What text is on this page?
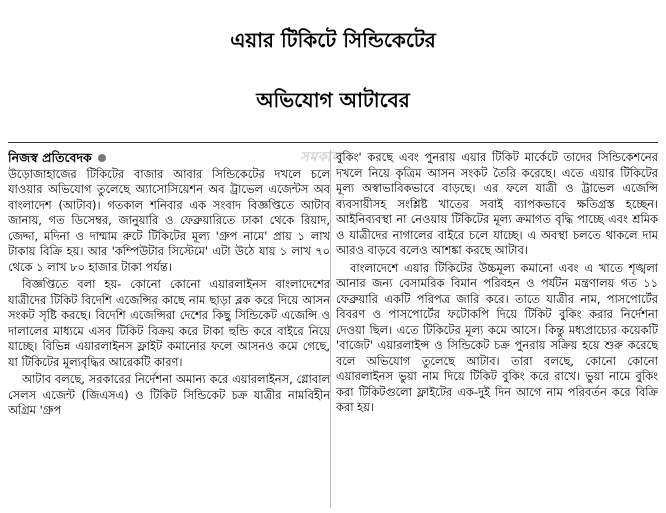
এয়ার টিকিটে সিন্ডিকেটের
অভিযোগ আটাবের
সমকাল
নিজস্ব প্রতিবেদক

উড়োজাহাজের টিকিটের বাজার আবার সিন্ডিকেটের দখলে চলে যাওয়ার অভিযোগ তুলেছে অ্যাসোসিয়েশন অব ট্রাভেল এজেন্টস অব বাংলাদেশ (আটাব)। গতকাল শনিবার এক সংবাদ বিজ্ঞপ্তিতে আটাব জানায়, গত ডিসেম্বর, জানুয়ারি ও ফেব্রুয়ারিতে ঢাকা থেকে রিয়াদ, জেদ্দা, মদিনা ও দাম্মাম রুটে টিকিটের মূল্য 'গ্রুপ নামে' প্রায় ১ লাখ টাকায় বিক্রি হয়। আর 'কম্পিউটার সিস্টেমে' এটা উঠে যায় ১ লাখ ৭০ থেকে ১ লাখ ৮০ হাজার টাকা পর্যন্ত।

বিজ্ঞপ্তিতে বলা হয়- কোনো কোনো এয়ারলাইনস বাংলাদেশের যাত্রীদের টিকিট বিদেশি এজেন্সির কাছে নাম ছাড়া ব্লক করে দিয়ে আসন সংকট সৃষ্টি করছে। বিদেশি এজেন্সিরা দেশের কিছু সিন্ডিকেট এজেন্সি ও দালালের মাধ্যমে এসব টিকিট বিক্রয় করে টাকা হুন্ডি করে বাইরে নিয়ে যাচ্ছে। বিভিন্ন এয়ারলাইনস ফ্লাইট কমানোর ফলে আসনও কমে গেছে, যা টিকিটের মূল্যবৃদ্ধির আরেকটি কারণ।

আটাব বলছে, সরকারের নির্দেশনা অমান্য করে এয়ারলাইনস, গ্লোবাল সেলস এজেন্ট (জিএসএ) ও টিকিট সিন্ডিকেট চক্র যাত্রীর নামবিহীন অগ্রিম 'গ্রুপ

বুকিং' করছে এবং পুনরায় এয়ার টিকিট মার্কেটে তাদের সিন্ডিকেশনের দখলে নিয়ে কৃত্রিম আসন সংকট তৈরি করেছে। এতে এয়ার টিকিটের মূল্য অস্বাভাবিকভাবে বাড়ছে। এর ফলে যাত্রী ও ট্রাভেল এজেন্সি ব্যবসায়ীসহ সংশ্লিষ্ট খাতের সবাই ব্যাপকভাবে ক্ষতিগ্রস্ত হচ্ছেন। আইনিব্যবস্থা না নেওয়ায় টিকিটের মূল্য ক্রমাগত বৃদ্ধি পাচ্ছে এবং শ্রমিক ও যাত্রীদের নাগালের বাইরে চলে যাচ্ছে। এ অবস্থা চলতে থাকলে দাম আরও বাড়বে বলেও আশঙ্কা করছে আটাব।

বাংলাদেশে এয়ার টিকিটের উচ্চমূল্য কমানো এবং এ খাতে শৃঙ্খলা আনার জন্য বেসামরিক বিমান পরিবহন ও পর্যটন মন্ত্রণালয় গত ১১ ফেব্রুয়ারি একটি পরিপত্র জারি করে। তাতে যাত্রীর নাম, পাসপোর্টের বিবরণ ও পাসপোর্টের ফটোকপি দিয়ে টিকিট বুকিং করার নির্দেশনা দেওয়া ছিল। এতে টিকিটের মূল্য কমে আসে। কিন্তু মধ্যপ্রাচ্যের কয়েকটি 'বাজেট' এয়ারলাইন্স ও সিন্ডিকেট চক্র পুনরায় সক্রিয় হয়ে শুরু করেছে বলে অভিযোগ তুলেছে আটাব। তারা বলছে, কোনো কোনো এয়ারলাইনস ভুয়া নাম দিয়ে টিকিট বুকিং করে রাখে। ভুয়া নামে বুকিং করা টিকিটগুলো ফ্লাইটের এক-দুই দিন আগে নাম পরিবর্তন করে বিক্রি করা হয়।
